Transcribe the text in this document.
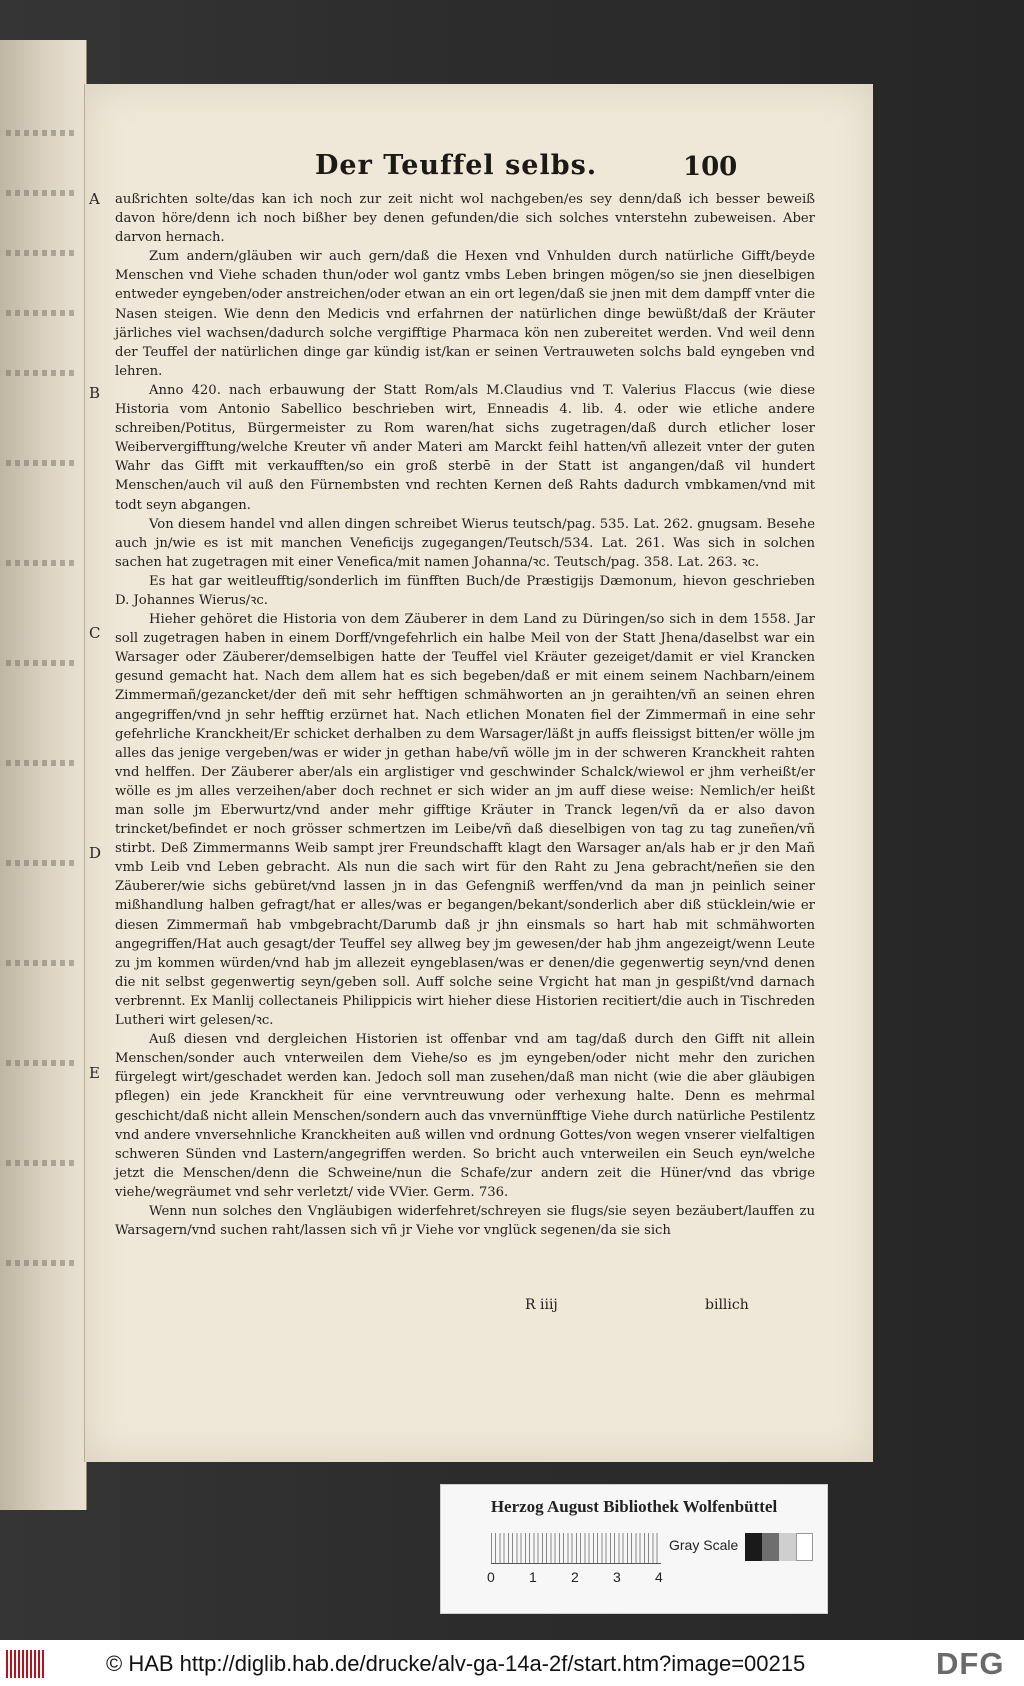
Der Teuffel selbs.	100
A
B
C
D
E

außrichten solte/das kan ich noch zur zeit nicht wol nachgeben/es sey denn/daß ich besser beweiß davon höre/denn ich noch bißher bey denen gefunden/die sich solches vnterstehn zubeweisen. Aber darvon hernach.

Zum andern/gläuben wir auch gern/daß die Hexen vnd Vnhulden durch natürliche Gifft/beyde Menschen vnd Viehe schaden thun/oder wol gantz vmbs Leben bringen mögen/so sie jnen dieselbigen entweder eyngeben/oder anstreichen/oder etwan an ein ort legen/daß sie jnen mit dem dampff vnter die Nasen steigen. Wie denn den Medicis vnd erfahrnen der natürlichen dinge bewüßt/daß der Kräuter järliches viel wachsen/dadurch solche vergifftige Pharmaca kön nen zubereitet werden. Vnd weil denn der Teuffel der natürlichen dinge gar kündig ist/kan er seinen Vertrauweten solchs bald eyngeben vnd lehren.

Anno 420. nach erbauwung der Statt Rom/als M.Claudius vnd T. Valerius Flaccus (wie diese Historia vom Antonio Sabellico beschrieben wirt, Enneadis 4. lib. 4. oder wie etliche andere schreiben/Potitus, Bürgermeister zu Rom waren/hat sichs zugetragen/daß durch etlicher loser Weibervergifftung/welche Kreuter vñ ander Materi am Marckt feihl hatten/vñ allezeit vnter der guten Wahr das Gifft mit verkaufften/so ein groß sterbē in der Statt ist angangen/daß vil hundert Menschen/auch vil auß den Fürnembsten vnd rechten Kernen deß Rahts dadurch vmbkamen/vnd mit todt seyn abgangen.

Von diesem handel vnd allen dingen schreibet Wierus teutsch/pag. 535. Lat. 262. gnugsam. Besehe auch jn/wie es ist mit manchen Veneficijs zugegangen/Teutsch/534. Lat. 261. Was sich in solchen sachen hat zugetragen mit einer Venefica/mit namen Johanna/ꝛc. Teutsch/pag. 358. Lat. 263. ꝛc.

Es hat gar weitleufftig/sonderlich im fünfften Buch/de Præstigijs Dæmonum, hievon geschrieben D. Johannes Wierus/ꝛc.

Hieher gehöret die Historia von dem Zäuberer in dem Land zu Düringen/so sich in dem 1558. Jar soll zugetragen haben in einem Dorff/vngefehrlich ein halbe Meil von der Statt Jhena/daselbst war ein Warsager oder Zäuberer/demselbigen hatte der Teuffel viel Kräuter gezeiget/damit er viel Krancken gesund gemacht hat. Nach dem allem hat es sich begeben/daß er mit einem seinem Nachbarn/einem Zimmermañ/gezancket/der deñ mit sehr hefftigen schmähworten an jn geraihten/vñ an seinen ehren angegriffen/vnd jn sehr hefftig erzürnet hat. Nach etlichen Monaten fiel der Zimmermañ in eine sehr gefehrliche Kranckheit/Er schicket derhalben zu dem Warsager/läßt jn auffs fleissigst bitten/er wölle jm alles das jenige vergeben/was er wider jn gethan habe/vñ wölle jm in der schweren Kranckheit rahten vnd helffen. Der Zäuberer aber/als ein arglistiger vnd geschwinder Schalck/wiewol er jhm verheißt/er wölle es jm alles verzeihen/aber doch rechnet er sich wider an jm auff diese weise: Nemlich/er heißt man solle jm Eberwurtz/vnd ander mehr gifftige Kräuter in Tranck legen/vñ da er also davon trincket/befindet er noch grösser schmertzen im Leibe/vñ daß dieselbigen von tag zu tag zuneñen/vñ stirbt. Deß Zimmermanns Weib sampt jrer Freundschafft klagt den Warsager an/als hab er jr den Mañ vmb Leib vnd Leben gebracht. Als nun die sach wirt für den Raht zu Jena gebracht/neñen sie den Zäuberer/wie sichs gebüret/vnd lassen jn in das Gefengniß werffen/vnd da man jn peinlich seiner mißhandlung halben gefragt/hat er alles/was er begangen/bekant/sonderlich aber diß stücklein/wie er diesen Zimmermañ hab vmbgebracht/Darumb daß jr jhn einsmals so hart hab mit schmähworten angegriffen/Hat auch gesagt/der Teuffel sey allweg bey jm gewesen/der hab jhm angezeigt/wenn Leute zu jm kommen würden/vnd hab jm allezeit eyngeblasen/was er denen/die gegenwertig seyn/vnd denen die nit selbst gegenwertig seyn/geben soll. Auff solche seine Vrgicht hat man jn gespißt/vnd darnach verbrennt. Ex Manlij collectaneis Philippicis wirt hieher diese Historien recitiert/die auch in Tischreden Lutheri wirt gelesen/ꝛc.

Auß diesen vnd dergleichen Historien ist offenbar vnd am tag/daß durch den Gifft nit allein Menschen/sonder auch vnterweilen dem Viehe/so es jm eyngeben/oder nicht mehr den zurichen fürgelegt wirt/geschadet werden kan. Jedoch soll man zusehen/daß man nicht (wie die aber gläubigen pflegen) ein jede Kranckheit für eine vervntreuwung oder verhexung halte. Denn es mehrmal geschicht/daß nicht allein Menschen/sondern auch das vnvernünfftige Viehe durch natürliche Pestilentz vnd andere vnversehnliche Kranckheiten auß willen vnd ordnung Gottes/von wegen vnserer vielfaltigen schweren Sünden vnd Lastern/angegriffen werden. So bricht auch vnterweilen ein Seuch eyn/welche jetzt die Menschen/denn die Schweine/nun die Schafe/zur andern zeit die Hüner/vnd das vbrige viehe/wegräumet vnd sehr verletzt/ vide VVier. Germ. 736.

Wenn nun solches den Vngläubigen widerfehret/schreyen sie flugs/sie seyen bezäubert/lauffen zu Warsagern/vnd suchen raht/lassen sich vñ jr Viehe vor vnglück segenen/da sie sich

R iiij	billich
Herzog August Bibliothek Wolfenbüttel
0 1 2 3 4
Gray Scale
© HAB http://diglib.hab.de/drucke/alv-ga-14a-2f/start.htm?image=00215	DFG
